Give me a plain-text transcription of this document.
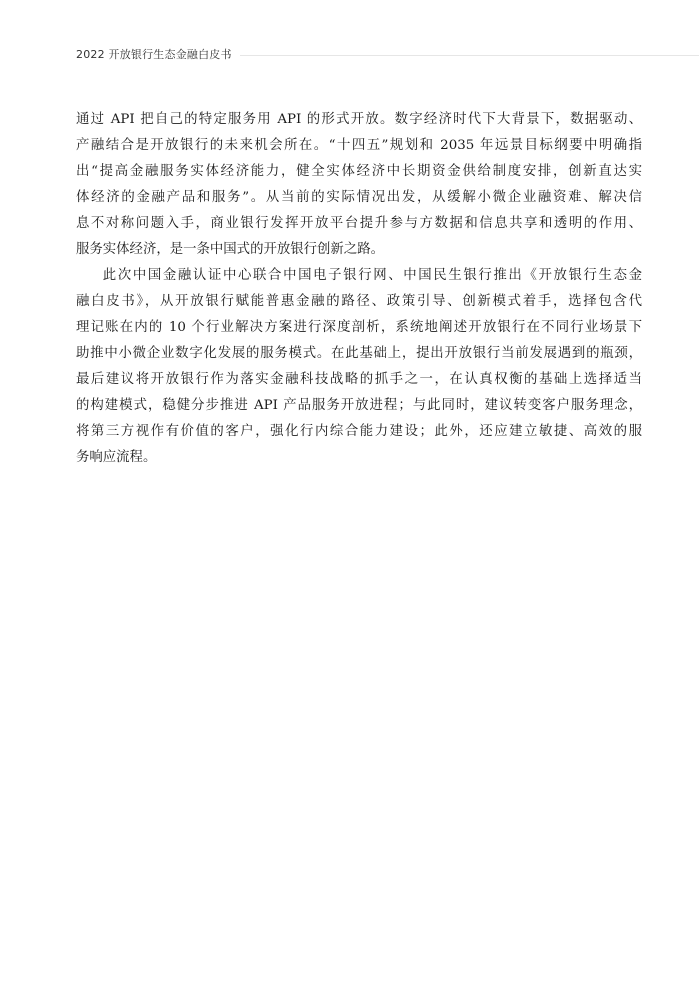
2022 开放银行生态金融白皮书

通过 API 把自己的特定服务用 API 的形式开放。数字经济时代下大背景下，数据驱动、
产融结合是开放银行的未来机会所在。“十四五”规划和 2035 年远景目标纲要中明确指
出“提高金融服务实体经济能力，健全实体经济中长期资金供给制度安排，创新直达实
体经济的金融产品和服务”。从当前的实际情况出发，从缓解小微企业融资难、解决信
息不对称问题入手，商业银行发挥开放平台提升参与方数据和信息共享和透明的作用、
服务实体经济，是一条中国式的开放银行创新之路。

此次中国金融认证中心联合中国电子银行网、中国民生银行推出《开放银行生态金
融白皮书》，从开放银行赋能普惠金融的路径、政策引导、创新模式着手，选择包含代
理记账在内的 10 个行业解决方案进行深度剖析，系统地阐述开放银行在不同行业场景下
助推中小微企业数字化发展的服务模式。在此基础上，提出开放银行当前发展遇到的瓶颈，
最后建议将开放银行作为落实金融科技战略的抓手之一，在认真权衡的基础上选择适当
的构建模式，稳健分步推进 API 产品服务开放进程；与此同时，建议转变客户服务理念，
将第三方视作有价值的客户，强化行内综合能力建设；此外，还应建立敏捷、高效的服
务响应流程。
